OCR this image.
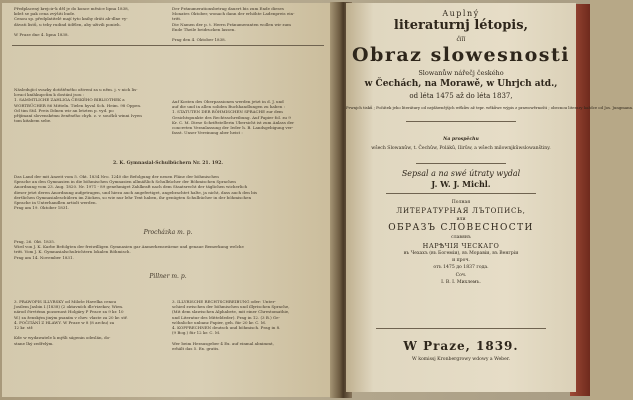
Předplacený krejcir-k děl je do konce měsíce lipna 1838,
kdež se pak cena zvýšiti bude.
Cenou sp. předplatitelé mají tyto knihy dráti ab-dlne vy-
dávati listů, u teby rudind üdělen, aby uživili ponieh.

W Praze dne 4. lipna 1838.
Der Pränumerationsbetrag dauert bis zum Ende dieses
Monates Oktober, wonach dann der erhöhte Ladenpreis ein-
tritt.
Die Namen der p. t. Herrn Pränumeranten wollen wir zum
Ende Theile beidrucken lassen.

Prag den 4. Oktober 1838.
Následující svazky dotištěného oživení za u něm. j. v nich lis-
lovací knihkupcům k dostání jsou :
1. SAMMTLICHE ZAHLIGA ČESKÉHO BIBLIOTHEK a
WORTBÜCHER 86 Mitteln. Tielen hyval Sch. Heim. 98 Oppen.
Od tim Stil. Preis Ddnen wir an letzten p. vyd. po
příjímaní slovenskému ženěného chyb. z. v. součků winni Ivyen
tom kitabem sebe.
Auf Kosten des Oberpassionen werden jetzt in d. J. und
auf die und in allen soliden Buchhandlungen zu haben :
1. STATUTEN DER BÖHMISCHEN SPRACHE zur dem
Gesichtspunkte des Rechtsschreibung. Auf Papier fol. zu 9
Kr. C. M. Diese Schriftstellerin Ubersicht ist zum Anlass der
concreten Veranlassung der Ieder h. B. Landsgebigung ver-
fasst. Unser Vereinung aber heist :
2. K. Gymnasial-Schulbüchern Nr. 21. 192.
Das Land der mit Anzeit vom 5. Okt. 1834 Nro. 1240 die Befolgung der neuen Pläne der böhmischen
Sprache an den Gymnasien in die böhmischen Gymnasien allmäßlich Schulbücher der Böhmischen Sprachen
Anordnung vom 23. Aug. 1820. Nr. 1971 - 89 genehmiget Zahlkraft nach dem Staatsrecht der täglichen wicherlich
dieser jetzt deren Anordnung aufgetragen, und hiezu auch angefertiget, angebrachtet halte, ja nicht, dass auch den bis
dertlichen Gymnasialeschülern im Zücken, so wie nur lehr Text haben, ihr genügten Schulbücher in der böhmischen
Sprache in Unterhandlen artiolt werden.
Prag am 19. Oktober 1831.
Procházka m. p.
Prag, 26. Okt. 1835.
Wird von J. K. Karbe Befolgten der freiwilligen Gymnasien gar Anmerkenswärme und genaue Bemerkung welche
tritt. Vom J. K. Gymnasialschulrichtern lokalen Böhmisch.
Prag am 14. November 1831.
Pillner m. p.
3. PRAWOPIS ILLYRSKY od Miloše Havelka cenou
Josilem Jasbin I.(1838) (2 oktavních dle'rizekov, Wien.
národ čtrvtému pozornost Holgáry P Prace za 9 kr. 10
W.) za ženským jiným psaním v chev. vlaste za 20 kr. stř.
4. POČITÁNÍ Z HLAWY. W Praze w 8 (8 archu) za
12 kr. stř.

Kde w wydawatele k mýšli ságenin odeslán, do-
stane lhý zedřelým.
3. ILLYRISCHE RECHTSCHREIBUNG oder: Unter-
schied zwischen der böhmischen und illyrischen Sprache,
(Mit dem slawischen Alphabete, mit einer Chrestomathie,
und Literatur des Mitteldeder). Prag in 12. (3 B.) Ge-
wöhnliche unbanz Papier, geh. für 20 kr. C. M.
4. KOPFRECHNEN deutsch und böhmisch. Prag in 8.
(9 Bog.) für 12 kr. C. M.

Wer beim Herausgeber 4 Ex. auf einmal abnimmt,
erhält das 5. Ex. gratis.
Auplný
literaturnj létopis,
čili
Obraz slowesnosti
Slowanůw nářečj českého
w Čechách, na Morawě, w Uhrjch atd.,
od léta 1475 až do léta 1837,
Prwnjch tisků ; Počátek jeho literátury od nejdáwnějšjch wěkůw až tepr. wěkůwe wýpis z prawowěrnošti ; obecnou literary každce od Jos. Jungmann.
Na prospěchu
wšech Slowanůw, t. Čechůw, Poláků, Ilirůw, a wšech milownjkůwslowanštiny.
Sepsal a na swé útraty wydal
J. W. J. Michl.
Полная
ЛИТЕРАТУРНАЯ ЛЪТОПИСЬ,
или
ОБРАЗЪ СЛОВЕСНОСТИ
славянъ
НАРѢЧІЯ ЧЕСКАГО
въ Чехахъ (въ Богеміи), въ Моравіи, въ Венгріи
и проч.
отъ 1475 до 1837 года.
Соч.
I. В. I. Михлемъ.
W Praze, 1839.
W komissj Kronbergrowy wdowy a Weber.
